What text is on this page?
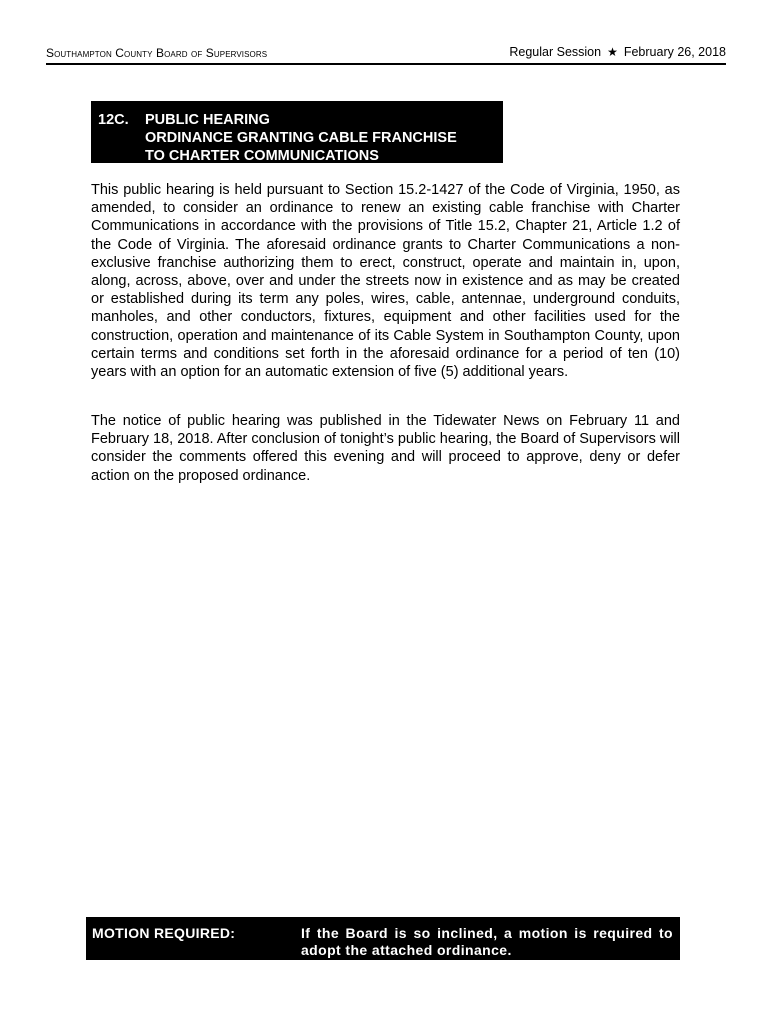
Southampton County Board of Supervisors	Regular Session ★ February 26, 2018
12C. PUBLIC HEARING
ORDINANCE GRANTING CABLE FRANCHISE
TO CHARTER COMMUNICATIONS

This public hearing is held pursuant to Section 15.2-1427 of the Code of Virginia, 1950, as amended, to consider an ordinance to renew an existing cable franchise with Charter Communications in accordance with the provisions of Title 15.2, Chapter 21, Article 1.2 of the Code of Virginia. The aforesaid ordinance grants to Charter Communications a non-exclusive franchise authorizing them to erect, construct, operate and maintain in, upon, along, across, above, over and under the streets now in existence and as may be created or established during its term any poles, wires, cable, antennae, underground conduits, manholes, and other conductors, fixtures, equipment and other facilities used for the construction, operation and maintenance of its Cable System in Southampton County, upon certain terms and conditions set forth in the aforesaid ordinance for a period of ten (10) years with an option for an automatic extension of five (5) additional years.

The notice of public hearing was published in the Tidewater News on February 11 and February 18, 2018. After conclusion of tonight’s public hearing, the Board of Supervisors will consider the comments offered this evening and will proceed to approve, deny or defer action on the proposed ordinance.

MOTION REQUIRED:	If the Board is so inclined, a motion is required to adopt the attached ordinance.
